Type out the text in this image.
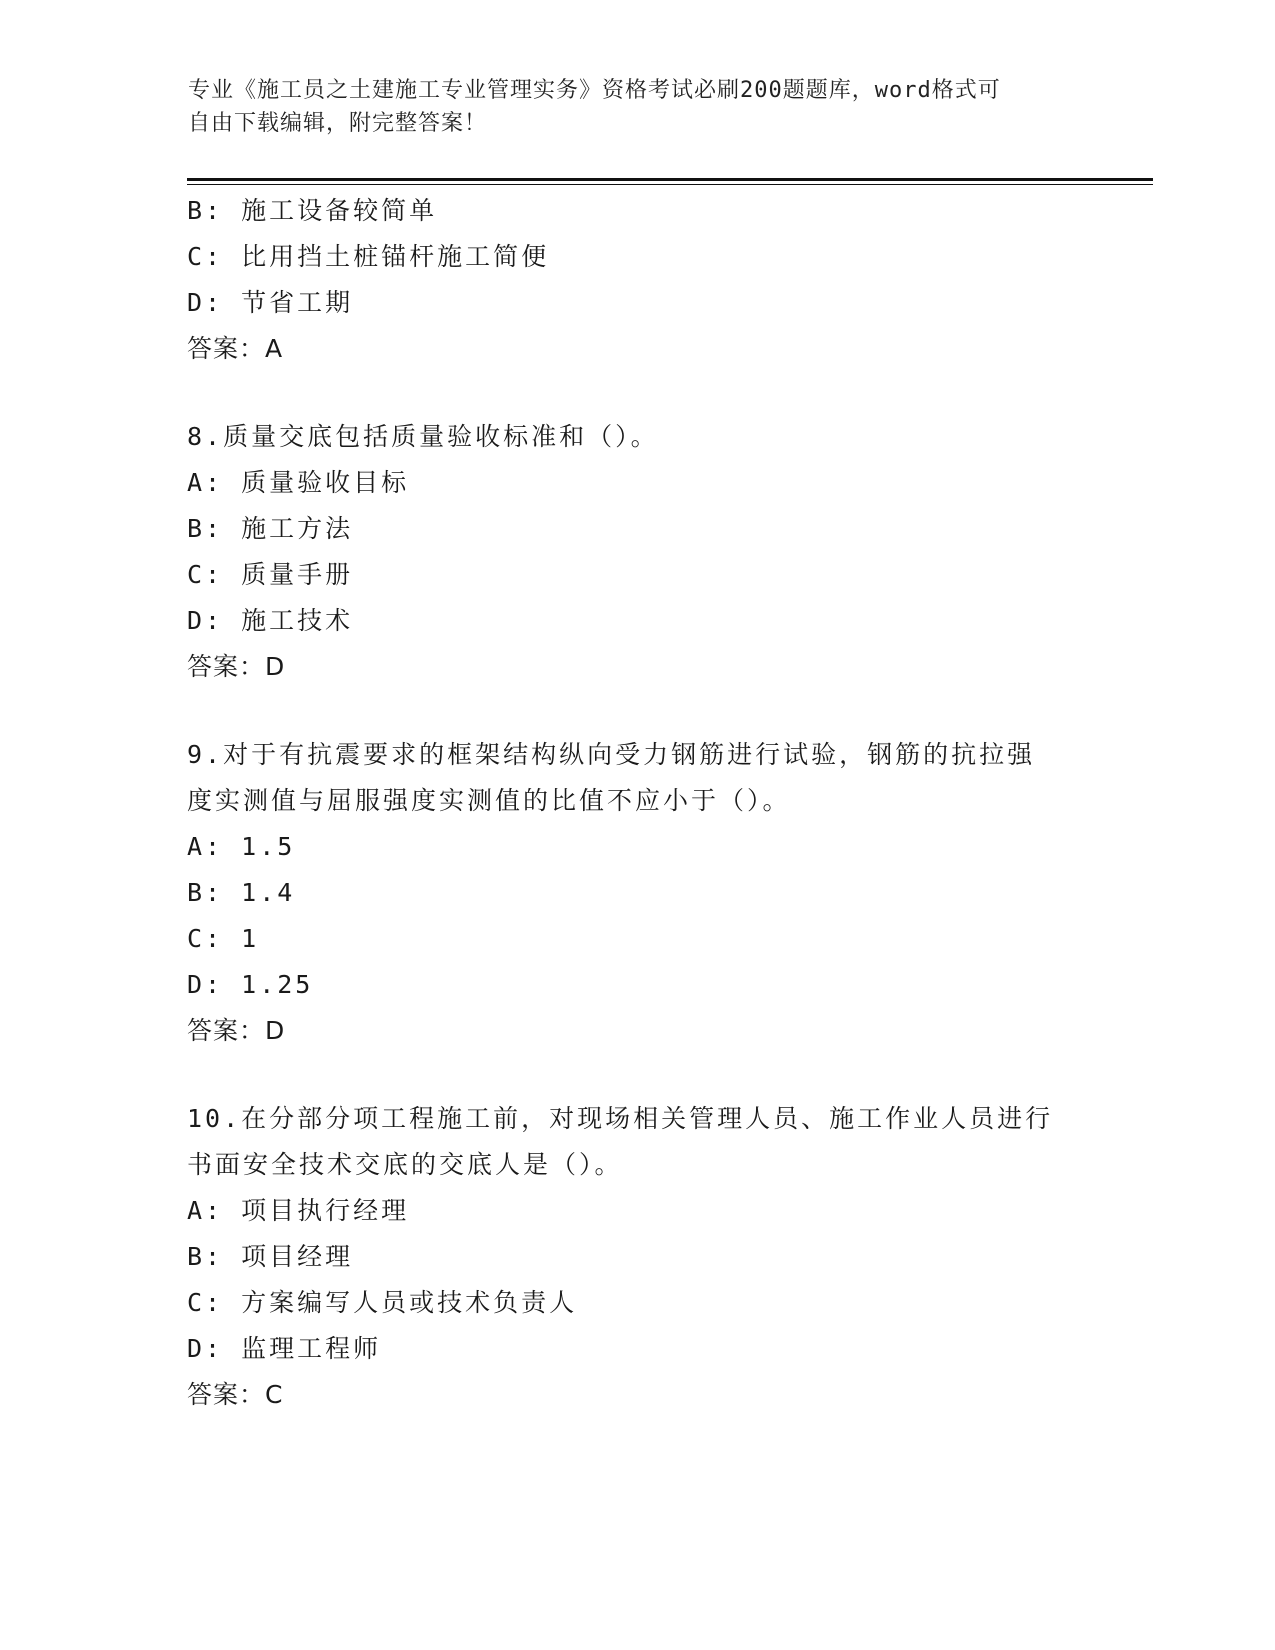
专业《施工员之土建施工专业管理实务》资格考试必刷200题题库，word格式可
自由下载编辑，附完整答案！
B: 施工设备较简单
C: 比用挡土桩锚杆施工简便
D: 节省工期
答案：A
8.质量交底包括质量验收标准和（）。
A: 质量验收目标
B: 施工方法
C: 质量手册
D: 施工技术
答案：D
9.对于有抗震要求的框架结构纵向受力钢筋进行试验，钢筋的抗拉强
度实测值与屈服强度实测值的比值不应小于（）。
A: 1.5
B: 1.4
C: 1
D: 1.25
答案：D
10.在分部分项工程施工前，对现场相关管理人员、施工作业人员进行
书面安全技术交底的交底人是（）。
A: 项目执行经理
B: 项目经理
C: 方案编写人员或技术负责人
D: 监理工程师
答案：C
